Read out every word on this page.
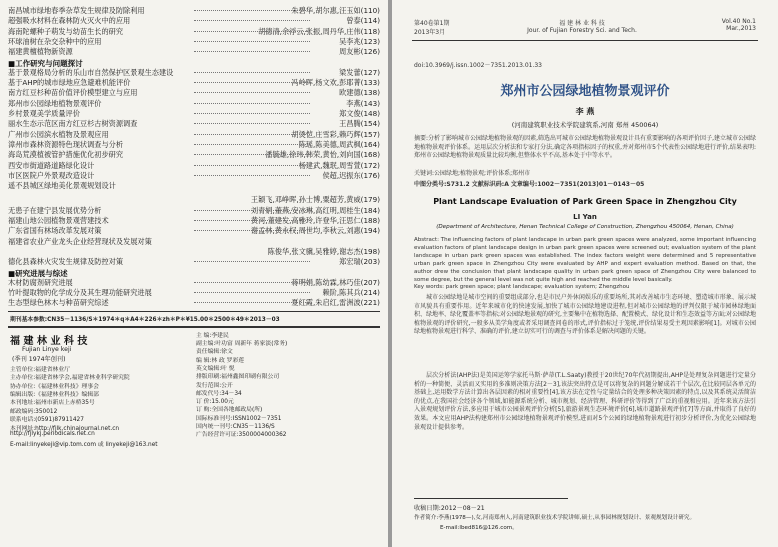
南昌城市绿地春季杂草发生规律及防除利用	朱碧华,胡尔惠,汪玉如(110)
超强吸水材料在森林防火灭火中的应用	曾泰(114)
海南陀螺种子萌发与幼苗生长的研究	胡德清,余浮云,张振,周丹华,庄伟(118)
环球油树在杂交杂种中的应用	吴李兆(123)
福建黄檀植物新资源	周友彬(126)
■工作研究与问题探讨
基于景观格局分析的乐山市自然保护区景观生态建设	梁发蕾(127)
基于AHP的城市绿地应急避难机能评价	冯岭晖,杨文欢,彭耶菁(133)
南方红豆杉种苗价值评价模型建立与应用	欧建德(138)
郑州市公园绿地植物景观评价	李燕(143)
乡村景观美学质量评价	郑文俊(148)
丽水生态示范区南方红豆杉古树资源调查	王昌腾(154)
广州市公园滨水植物及景观应用	胡烫恺,庄雪彩,赖巧辉(157)
漳州市森林资源特色现状调查与分析	陈瑶,陈美德,周武枫(164)
海岛荒漠植被管护措施优化初步研究	潘毓雄,徐玮,韩荣,黄怡,刘向国(168)
西安市街道路道路绿化设计	杨建武,魏珉,周雪萱(172)
市区医院户外景观改造设计	侯超,迟振东(176)
遥不县城区绿地美化景观规划设计
王颖飞,邓峥晖,孙士博,粟超芳,黄威(179)
无患子在建宁县发展优势分析	刘青娟,董燕,安冰琳,高红明,周桂生(184)
福建山地公园植物景观营建技术	黄河,董建发,高雅玲,许登华,汪思仁(188)
广东省国有林场改革发展对策	谢孟林,黄永权,周世均,李秋云,刘惠(194)
福建省农业产业龙头企业经营现状及发展对策
陈俊华,张文骥,吴雅婷,谢志杰(198)
德化县森林火灾发生规律及防控对策	郑宏瑞(203)
■研究进展与综述
木材防腐剂研究进展	蒋明娟,陈幼霖,林巧佳(207)
竹叶提取物的化学成分及其生理功能研究进展	赖阶,陈其兵(214)
生态型绿色林木与种苗研究综述	夏红霞,朱启红,雷洲波(221)
期刊基本参数:CN35－1136/S＊1974＊q＊A4＊226＊zh＊P＊¥15.00＊2500＊49＊2013－03
福 建 林 业 科 技
Fujian Linye keji
(季刊 1974年创刊)
主管单位:福建省林业厅
主办单位:福建省林学会,福建省林业科学研究院
协办单位:《福建林业科技》理事会
编辑出版:《福建林业科技》编辑部
本刊地址:福州市新店上赤桥35号
邮政编码:350012
联系电话:(0591)87911427
本刊网址:http://fjlk.chinajournal.net.cn
http://fjlykj.periodicals.net.cn
E-mail:linyekeji@vip.tom.com 或 linyekeji@163.net
主 编:李建民
副主编:叶功富 周新年 蒋家淡(常务)
责任编辑:徐文
编 辑:林 政 罗彩莲
英文编辑:叶 悦
排版印刷:福州鑫图印刷有限公司
发行范围:公开
邮发代号:34－34
订 价:15.00元
订 购:全国各地邮政局(所)
国际标准刊号:ISSN1002－7351
国内统一刊号:CN35－1136/S
广告经营许可证:3500004000362
第40卷第1期
2013年3月
福 建 林 业 科 技
Jour. of Fujian Forestry Sci. and Tech.
Vol.40 No.1
Mar.,2013
doi:10.3969/j.issn.1002－7351.2013.01.33
郑州市公园绿地植物景观评价
李 燕
(河南建筑职业技术学院建筑系,河南 郑州 450064)
摘要:分析了影响城市公园绿地植物景观的因素,筛选出可城市公园绿地植物景观设计具有重要影响的各项评价因子,建立城市公园绿地植物景观评价体系。运用层次分析法和专家打分法,确定各项指标因子的权重,并对郑州市5个代表性公园绿地进行评价,结果表明:郑州市公园绿地植物景观质量比较均衡,但整体水平不高,基本处于中等水平。
关键词:公园绿地;植物景观;评价体系;郑州市
中图分类号:S731.2 文献标识码:A 文章编号:1002－7351(2013)01－0143－05
Plant Landscape Evaluation of Park Green Space in Zhengzhou City
LI Yan
(Department of Architecture, Henan Technical College of Construction, Zhengzhou 450064, Henan, China)
Abstract: The influencing factors of plant landscape in urban park green spaces were analyzed, some important influencing evaluation factors of plant landscape design in urban park green spaces were screened out; evaluation system of the plant landscape in urban park green spaces was established. The index factors weight were determined and 5 representative urban park green space in Zhengzhou City were evaluated by AHP and expert evaluation method. Based on that, the author drew the conclusion that plant landscape quality in urban park green space of Zhengzhou City were balanced to some degree, but the general level was not quite high and reached the middle level basically.
Key words: park green space; plant landscape; evaluation system; Zhengzhou
城市公园绿地是城市空间的重要组成部分,也是市民户外休闲娱乐的重要场所,其对改善城市生态环境、塑造城市形象、展示城市风貌具有重要作用。近年来城市化的快速发展,加快了城市公园绿地建设进程,但对城市公园绿地的评判仅限于城市园林绿地面积、绿地率、绿化覆盖率等指标;对公园绿地景观的研究,主要集中在植物选择、配置模式、绿化设计和生态效益等方面;对公园绿地植物景观的评价研究,一般多从美学角度或者采用调查问卷的形式,评价指标过于笼统,评价结果易受主观因素影响[1]。对城市公园绿地植物景观进行科学、准确的评价,建立切实可行的调查与评价体系是解决问题的关键。
层次分析法(AHP法)是美国运筹学家托马斯·萨蒂(T.L.Saaty)教授于20世纪70年代初期提出,AHP是处理复杂问题进行定量分析的一种简便、灵活而又实用的多准则决策方法[2－3],该法突出特点是可以将复杂的问题分解成若干个层次,在比较同层各单元的基础上,运用数学方法计算出各层因素的相对重要性[4],该方法在定性与定量结合的处理多种决策因素的特点,以及其系统灵活简洁的优点,在我国社会经济各个领域,如能源系统分析、城市规划、经济管理、科研评价等得到了广泛的重视和应用。近年来该方法引入景观规划评价方法,多应用于城市公园景观评价分析[5],旅游景观生态环境评价[6],城市道路景观评价[7]等方面,并取得了良好的效果。本文应用AHP法构建郑州市公园绿地植物景观评价模型,进而对5个公园的绿地植物景观进行初步分析评价,为优化公园绿地景观设计提供参考。
收稿日期:2012－08－21
作者简介:李燕(1978—),女,河南郑州人,河南建筑职业技术学院讲师,硕士,从事园林规划设计、景观规划设计研究。
E-mail:lbed816@126.com。
